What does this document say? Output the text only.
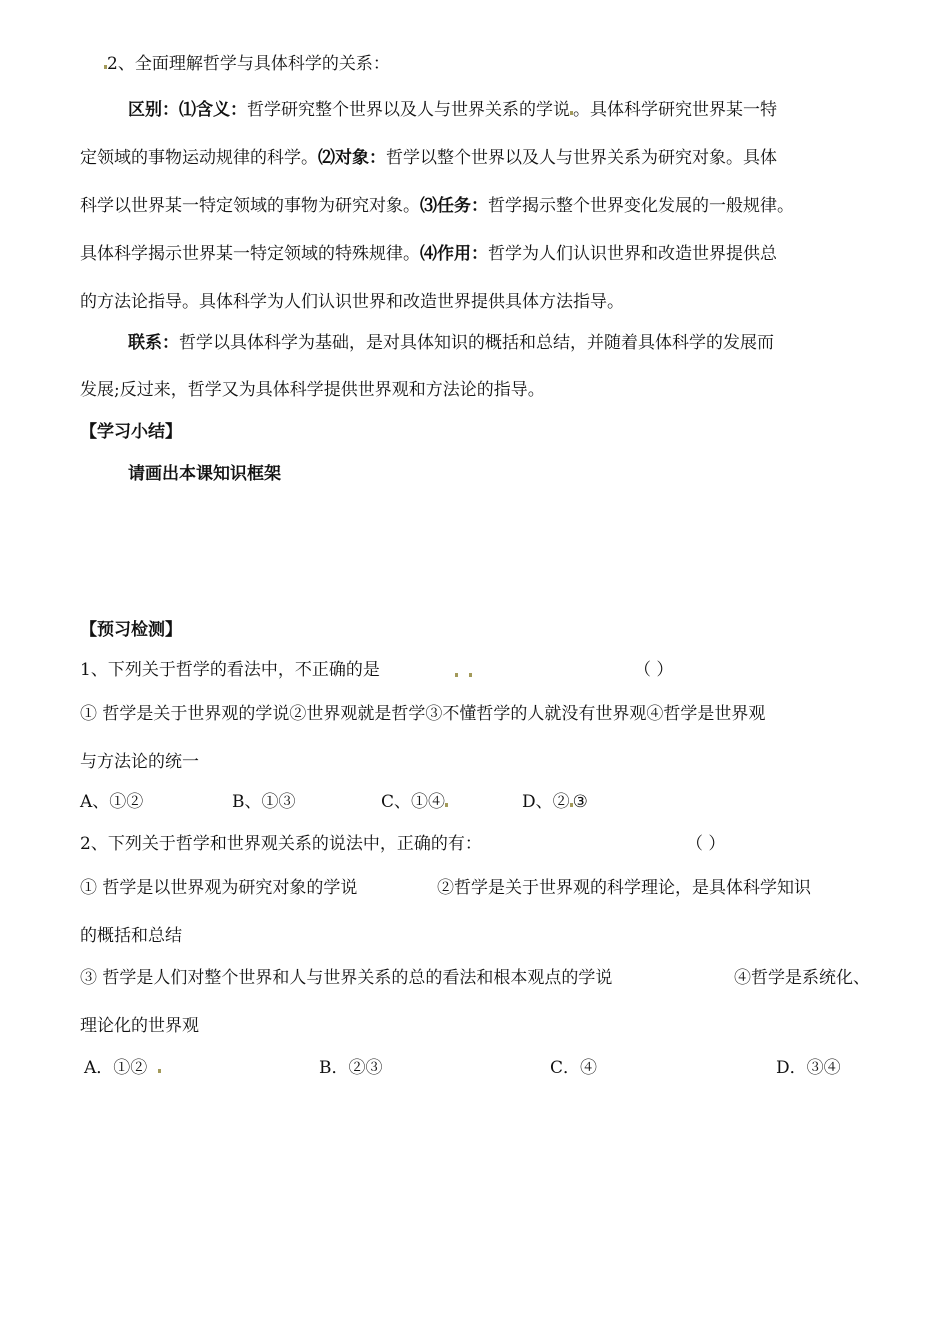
2、全面理解哲学与具体科学的关系：
区别：⑴含义：哲学研究整个世界以及人与世界关系的学说 。具体科学研究世界某一特
定领域的事物运动规律的科学。⑵对象：哲学以整个世界以及人与世界关系为研究对象。具体
科学以世界某一特定领域的事物为研究对象。⑶任务：哲学揭示整个世界变化发展的一般规律。
具体科学揭示世界某一特定领域的特殊规律。⑷作用：哲学为人们认识世界和改造世界提供总
的方法论指导。具体科学为人们认识世界和改造世界提供具体方法指导。
联系：哲学以具体科学为基础，是对具体知识的概括和总结，并随着具体科学的发展而
发展;反过来，哲学又为具体科学提供世界观和方法论的指导。
【学习小结】
请画出本课知识框架
【预习检测】
1、下列关于哲学的看法中，不正确的是
	（ ）
① 哲学是关于世界观的学说②世界观就是哲学③不懂哲学的人就没有世界观④哲学是世界观
与方法论的统一
A、①②	B、①③	C、①④	D、② ③
2、下列关于哲学和世界观关系的说法中，正确的有：	（ ）
① 哲学是以世界观为研究对象的学说	②哲学是关于世界观的科学理论，是具体科学知识
的概括和总结
③ 哲学是人们对整个世界和人与世界关系的总的看法和根本观点的学说	④哲学是系统化、
理论化的世界观
A．①②	B．②③	C．④	D．③④
